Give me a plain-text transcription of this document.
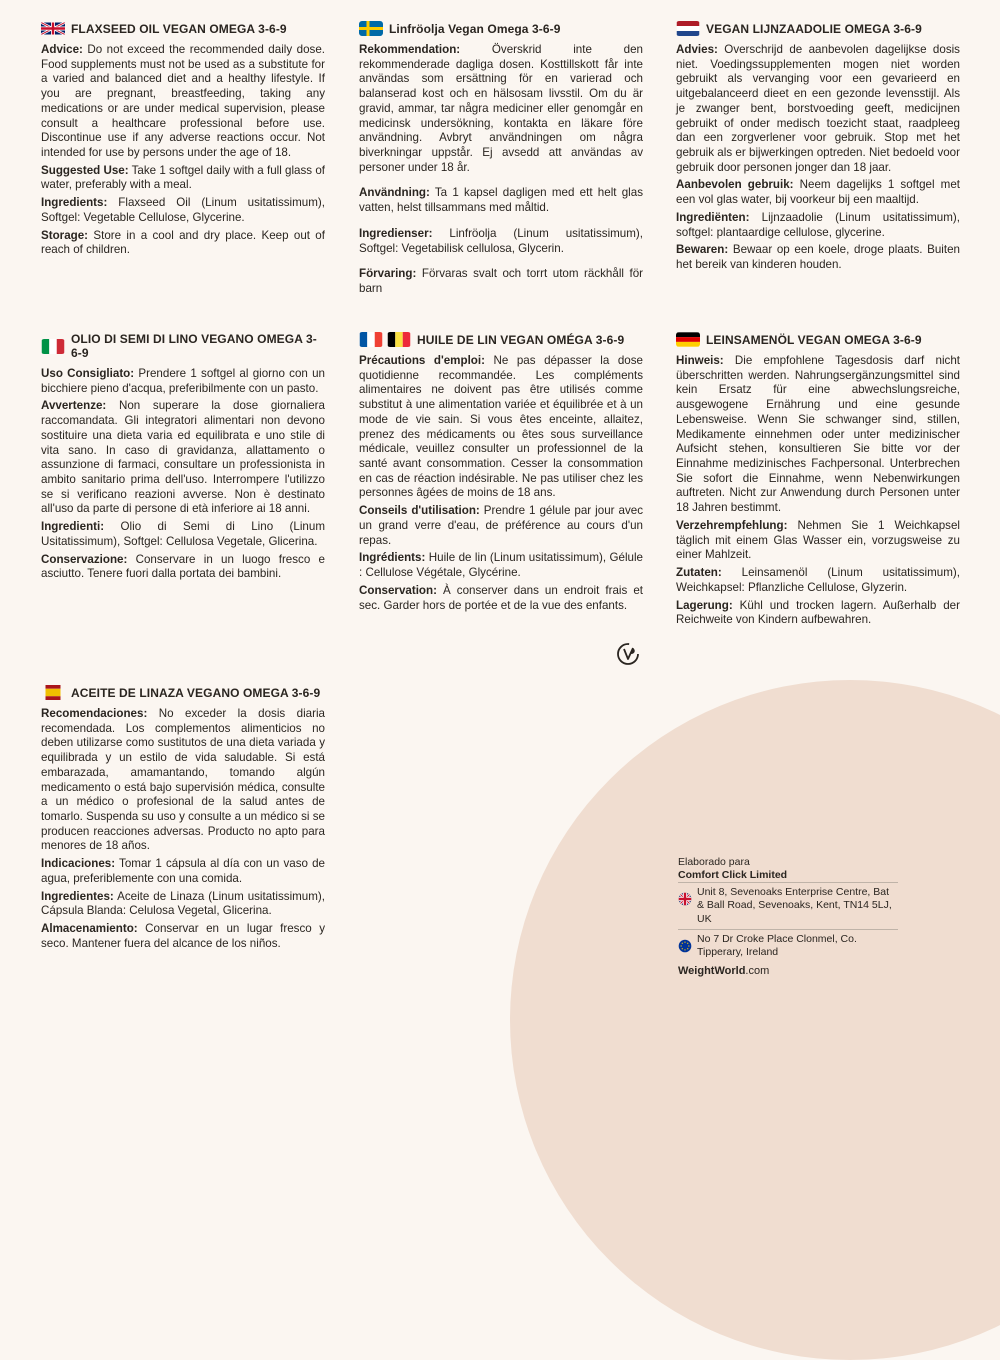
FLAXSEED OIL VEGAN OMEGA 3-6-9

Advice: Do not exceed the recommended daily dose. Food supplements must not be used as a substitute for a varied and balanced diet and a healthy lifestyle. If you are pregnant, breastfeeding, taking any medications or are under medical supervision, please consult a healthcare professional before use. Discontinue use if any adverse reactions occur. Not intended for use by persons under the age of 18.

Suggested Use: Take 1 softgel daily with a full glass of water, preferably with a meal.

Ingredients: Flaxseed Oil (Linum usitatissimum), Softgel: Vegetable Cellulose, Glycerine.

Storage: Store in a cool and dry place. Keep out of reach of children.

Linfröolja Vegan Omega 3-6-9

Rekommendation:	Överskrid inte den rekommenderade dagliga dosen. Kosttillskott får inte användas som ersättning för en varierad och balanserad kost och en hälsosam livsstil. Om du är gravid, ammar, tar några mediciner eller genomgår en medicinsk undersökning, kontakta en läkare före användning. Avbryt användningen om några biverkningar uppstår. Ej avsedd att användas av personer under 18 år.

Användning: Ta 1 kapsel dagligen med ett helt glas vatten, helst tillsammans med måltid.

Ingredienser: Linfröolja (Linum usitatissimum), Softgel: Vegetabilisk cellulosa, Glycerin.

Förvaring: Förvaras svalt och torrt utom räckhåll för barn

VEGAN LIJNZAADOLIE OMEGA 3-6-9

Advies: Overschrijd de aanbevolen dagelijkse dosis niet. Voedingssupplementen mogen niet worden gebruikt als vervanging voor een gevarieerd en uitgebalanceerd dieet en een gezonde levensstijl. Als je zwanger bent, borstvoeding geeft, medicijnen gebruikt of onder medisch toezicht staat, raadpleeg dan een zorgverlener voor gebruik. Stop met het gebruik als er bijwerkingen optreden. Niet bedoeld voor gebruik door personen jonger dan 18 jaar.

Aanbevolen gebruik: Neem dagelijks 1 softgel met een vol glas water, bij voorkeur bij een maaltijd.

Ingrediënten: Lijnzaadolie (Linum usitatissimum), softgel: plantaardige cellulose, glycerine.

Bewaren: Bewaar op een koele, droge plaats. Buiten het bereik van kinderen houden.

OLIO DI SEMI DI LINO VEGANO OMEGA 3-6-9

Uso Consigliato: Prendere 1 softgel al giorno con un bicchiere pieno d'acqua, preferibilmente con un pasto.

Avvertenze: Non superare la dose giornaliera raccomandata. Gli integratori alimentari non devono sostituire una dieta varia ed equilibrata e uno stile di vita sano. In caso di gravidanza, allattamento o assunzione di farmaci, consultare un professionista in ambito sanitario prima dell'uso. Interrompere l'utilizzo se si verificano reazioni avverse. Non è destinato all'uso da parte di persone di età inferiore ai 18 anni.

Ingredienti: Olio di Semi di Lino (Linum Usitatissimum), Softgel: Cellulosa Vegetale, Glicerina.

Conservazione: Conservare in un luogo fresco e asciutto. Tenere fuori dalla portata dei bambini.

HUILE DE LIN VEGAN OMÉGA 3-6-9

Précautions d'emploi: Ne pas dépasser la dose quotidienne recommandée. Les compléments alimentaires ne doivent pas être utilisés comme substitut à une alimentation variée et équilibrée et à un mode de vie sain. Si vous êtes enceinte, allaitez, prenez des médicaments ou êtes sous surveillance médicale, veuillez consulter un professionnel de la santé avant consommation. Cesser la consommation en cas de réaction indésirable. Ne pas utiliser chez les personnes âgées de moins de 18 ans.

Conseils d'utilisation: Prendre 1 gélule par jour avec un grand verre d'eau, de préférence au cours d'un repas.

Ingrédients: Huile de lin (Linum usitatissimum), Gélule : Cellulose Végétale, Glycérine.

Conservation: À conserver dans un endroit frais et sec. Garder hors de portée et de la vue des enfants.

LEINSAMENÖL VEGAN OMEGA 3-6-9

Hinweis: Die empfohlene Tagesdosis darf nicht überschritten werden. Nahrungsergänzungsmittel sind kein Ersatz für eine abwechslungsreiche, ausgewogene Ernährung und eine gesunde Lebensweise. Wenn Sie schwanger sind, stillen, Medikamente einnehmen oder unter medizinischer Aufsicht stehen, konsultieren Sie bitte vor der Einnahme medizinisches Fachpersonal. Unterbrechen Sie sofort die Einnahme, wenn Nebenwirkungen auftreten. Nicht zur Anwendung durch Personen unter 18 Jahren bestimmt.

Verzehrempfehlung: Nehmen Sie 1 Weichkapsel täglich mit einem Glas Wasser ein, vorzugsweise zu einer Mahlzeit.

Zutaten: Leinsamenöl (Linum usitatissimum), Weichkapsel: Pflanzliche Cellulose, Glyzerin.

Lagerung: Kühl und trocken lagern. Außerhalb der Reichweite von Kindern aufbewahren.

ACEITE DE LINAZA VEGANO OMEGA 3-6-9

Recomendaciones: No exceder la dosis diaria recomendada. Los complementos alimenticios no deben utilizarse como sustitutos de una dieta variada y equilibrada y un estilo de vida saludable. Si está embarazada, amamantando, tomando algún medicamento o está bajo supervisión médica, consulte a un médico o profesional de la salud antes de tomarlo. Suspenda su uso y consulte a un médico si se producen reacciones adversas. Producto no apto para menores de 18 años.

Indicaciones: Tomar 1 cápsula al día con un vaso de agua, preferiblemente con una comida.

Ingredientes: Aceite de Linaza (Linum usitatissimum), Cápsula Blanda: Celulosa Vegetal, Glicerina.

Almacenamiento: Conservar en un lugar fresco y seco. Mantener fuera del alcance de los niños.

Elaborado para
Comfort Click Limited
Unit 8, Sevenoaks Enterprise Centre, Bat & Ball Road, Sevenoaks, Kent, TN14 5LJ, UK
No 7 Dr Croke Place Clonmel, Co. Tipperary, Ireland
WeightWorld.com
